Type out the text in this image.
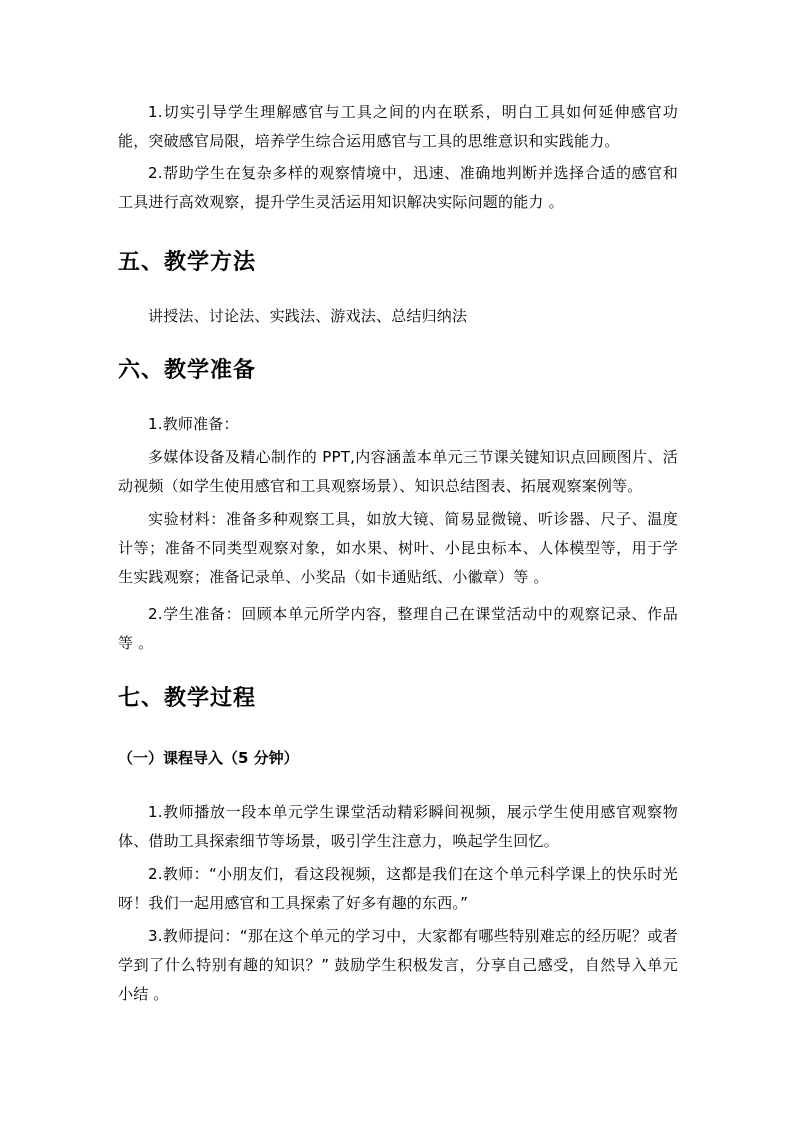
1.切实引导学生理解感官与工具之间的内在联系，明白工具如何延伸感官功能，突破感官局限，培养学生综合运用感官与工具的思维意识和实践能力。

2.帮助学生在复杂多样的观察情境中，迅速、准确地判断并选择合适的感官和工具进行高效观察，提升学生灵活运用知识解决实际问题的能力 。

五、教学方法

讲授法、讨论法、实践法、游戏法、总结归纳法

六、教学准备

1.教师准备：

多媒体设备及精心制作的 PPT,内容涵盖本单元三节课关键知识点回顾图片、活动视频（如学生使用感官和工具观察场景）、知识总结图表、拓展观察案例等。

实验材料：准备多种观察工具，如放大镜、简易显微镜、听诊器、尺子、温度计等；准备不同类型观察对象，如水果、树叶、小昆虫标本、人体模型等，用于学生实践观察；准备记录单、小奖品（如卡通贴纸、小徽章）等 。

2.学生准备：回顾本单元所学内容，整理自己在课堂活动中的观察记录、作品等 。

七、教学过程
（一）课程导入（5 分钟）

1.教师播放一段本单元学生课堂活动精彩瞬间视频，展示学生使用感官观察物体、借助工具探索细节等场景，吸引学生注意力，唤起学生回忆。

2.教师：“小朋友们，看这段视频，这都是我们在这个单元科学课上的快乐时光呀！我们一起用感官和工具探索了好多有趣的东西。”

3.教师提问：“那在这个单元的学习中，大家都有哪些特别难忘的经历呢？或者学到了什么特别有趣的知识？” 鼓励学生积极发言，分享自己感受，自然导入单元小结 。
